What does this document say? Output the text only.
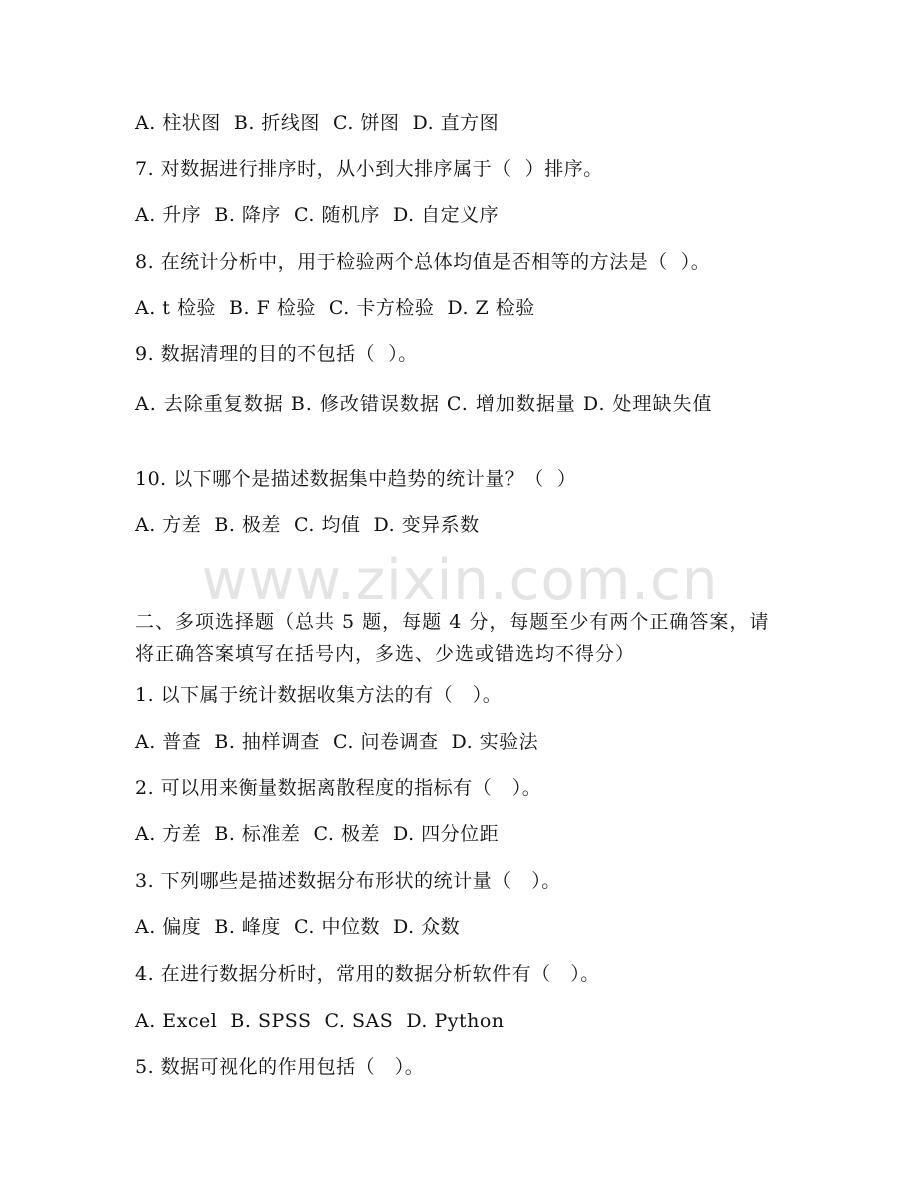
www.zixin.com.cn
A. 柱状图  B. 折线图  C. 饼图  D. 直方图
7. 对数据进行排序时，从小到大排序属于（  ）排序。
A. 升序  B. 降序  C. 随机序  D. 自定义序
8. 在统计分析中，用于检验两个总体均值是否相等的方法是（  ）。
A. t 检验  B. F 检验  C. 卡方检验  D. Z 检验
9. 数据清理的目的不包括（  ）。
A. 去除重复数据 B. 修改错误数据 C. 增加数据量 D. 处理缺失值
10. 以下哪个是描述数据集中趋势的统计量？（  ）
A. 方差  B. 极差  C. 均值  D. 变异系数
二、多项选择题（总共 5 题，每题 4 分，每题至少有两个正确答案，请将正确答案填写在括号内，多选、少选或错选均不得分）
1. 以下属于统计数据收集方法的有（   ）。
A. 普查  B. 抽样调查  C. 问卷调查  D. 实验法
2. 可以用来衡量数据离散程度的指标有（   ）。
A. 方差  B. 标准差  C. 极差  D. 四分位距
3. 下列哪些是描述数据分布形状的统计量（   ）。
A. 偏度  B. 峰度  C. 中位数  D. 众数
4. 在进行数据分析时，常用的数据分析软件有（   ）。
A. Excel  B. SPSS  C. SAS  D. Python
5. 数据可视化的作用包括（   ）。
